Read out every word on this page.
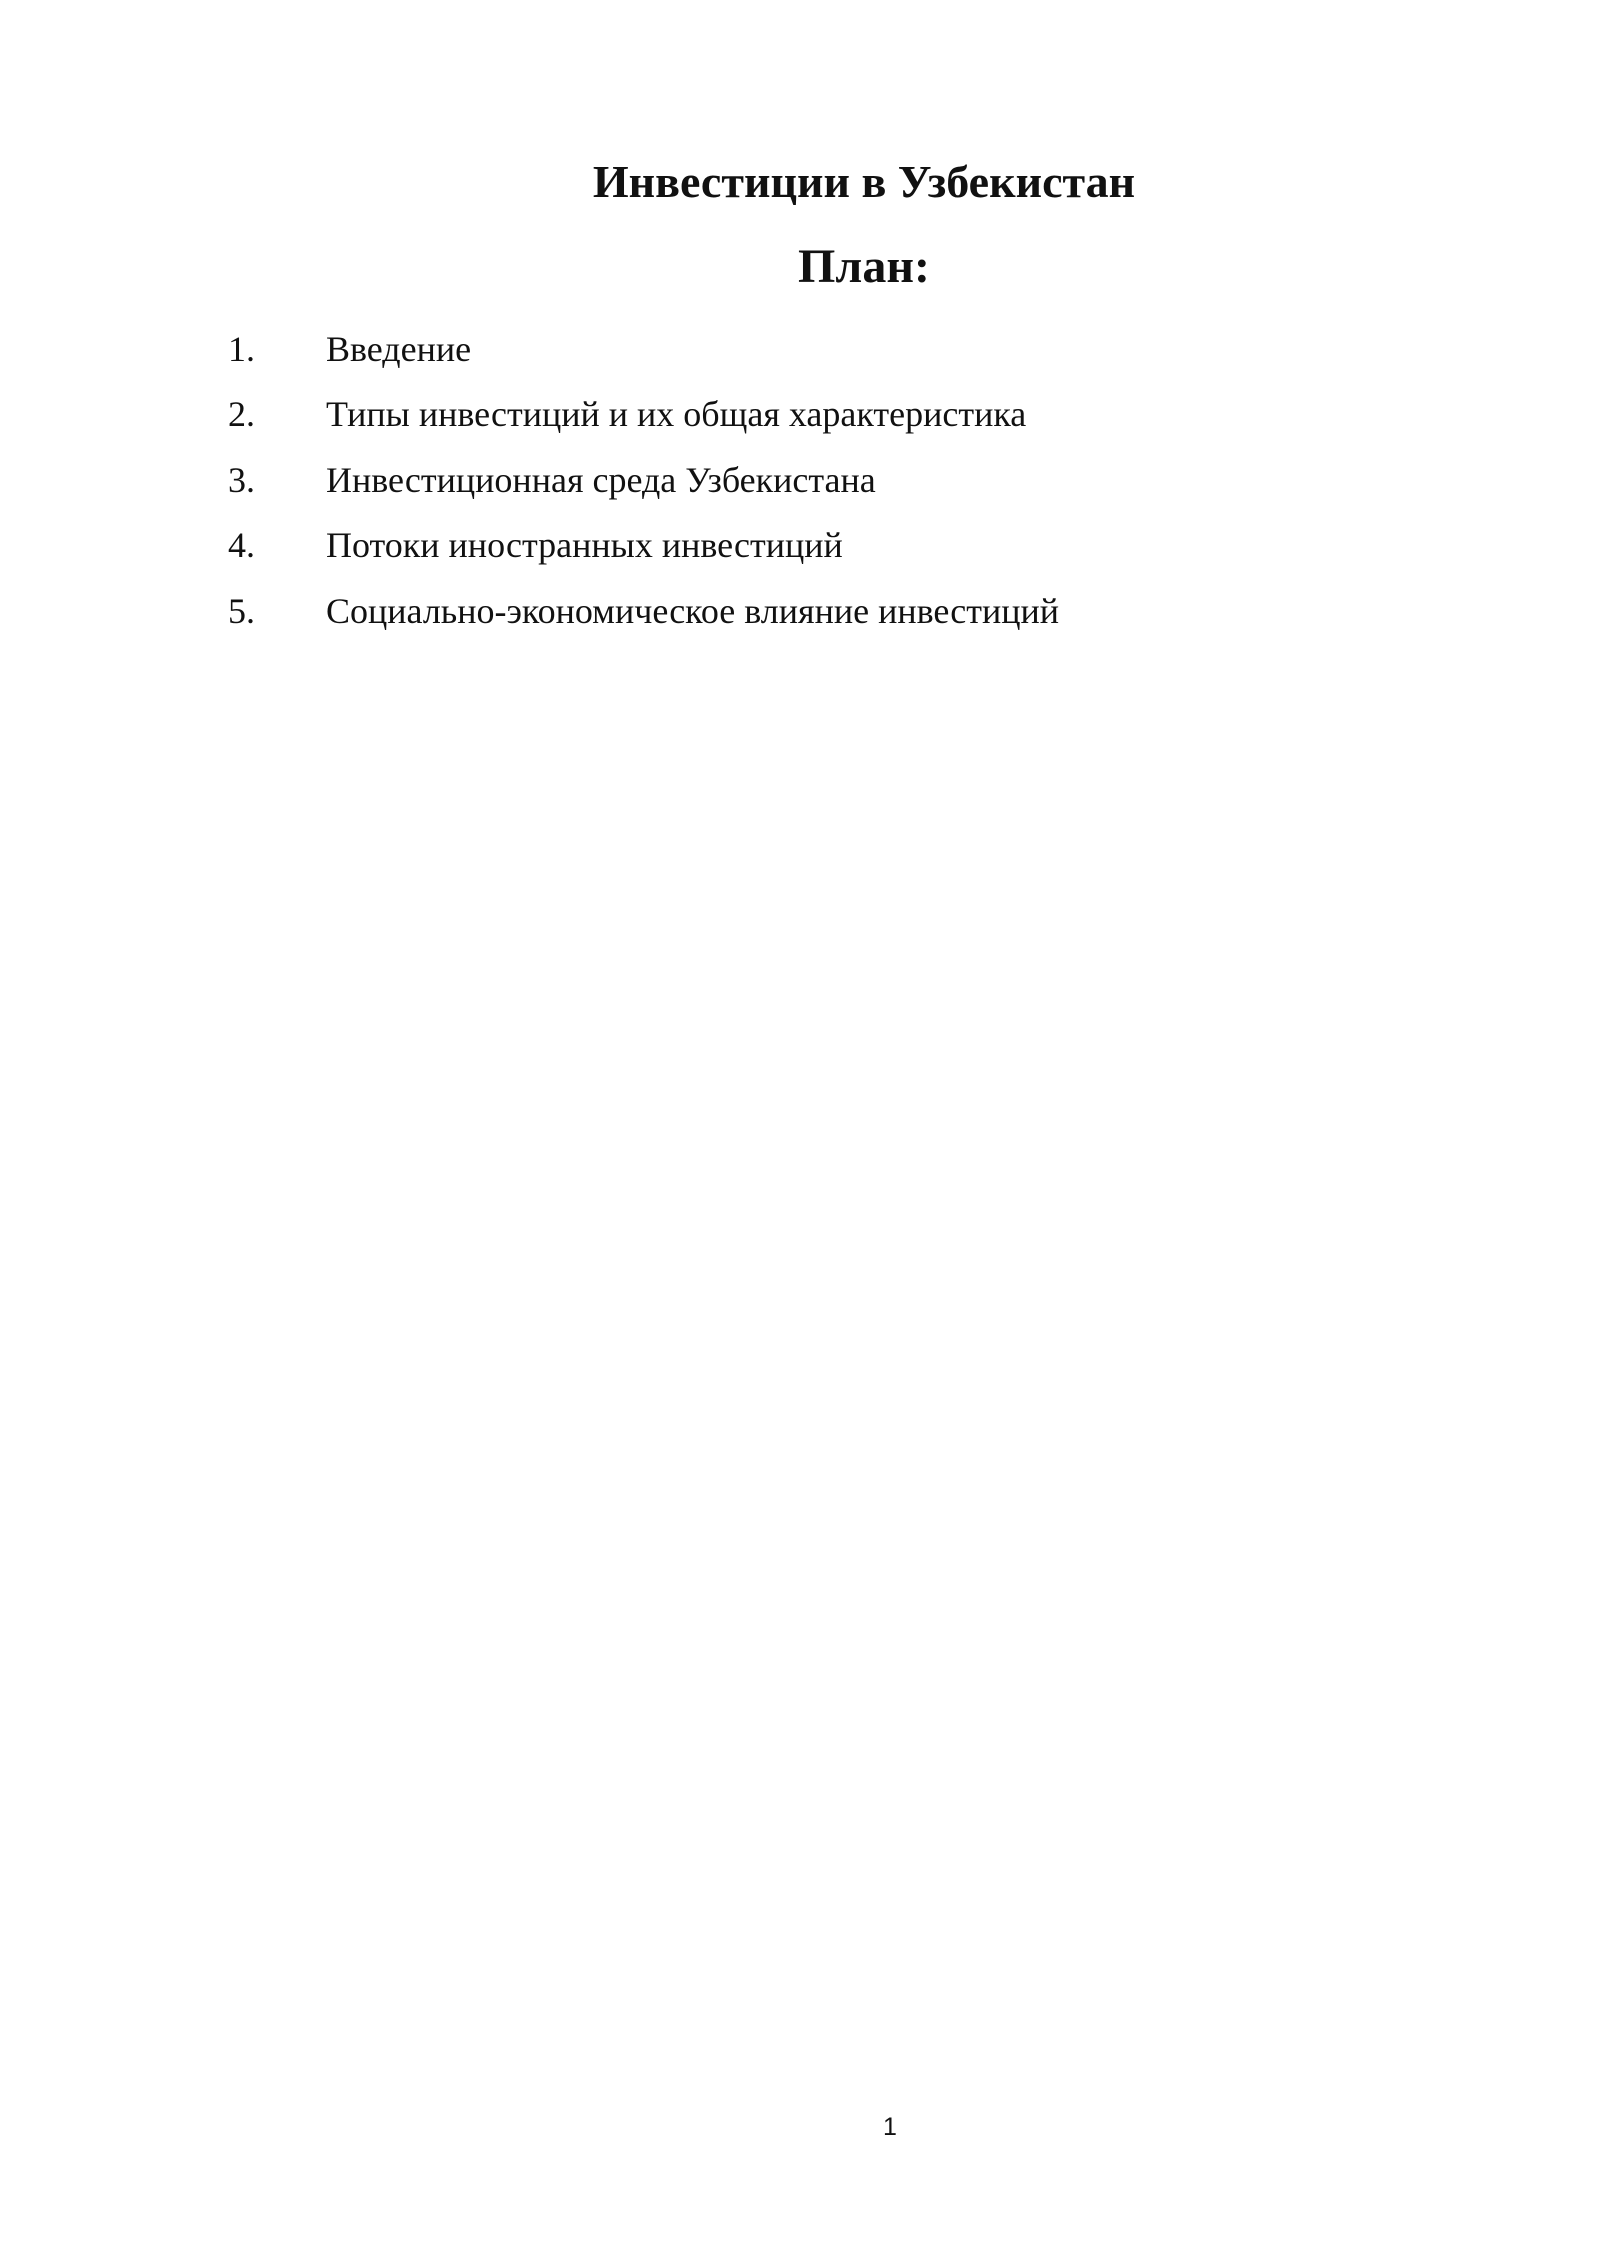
Инвестиции в Узбекистан
План:
1.	Введение
2.	Типы инвестиций и их общая характеристика
3.	Инвестиционная среда Узбекистана
4.	Потоки иностранных инвестиций
5.	Социально-экономическое влияние инвестиций
1
